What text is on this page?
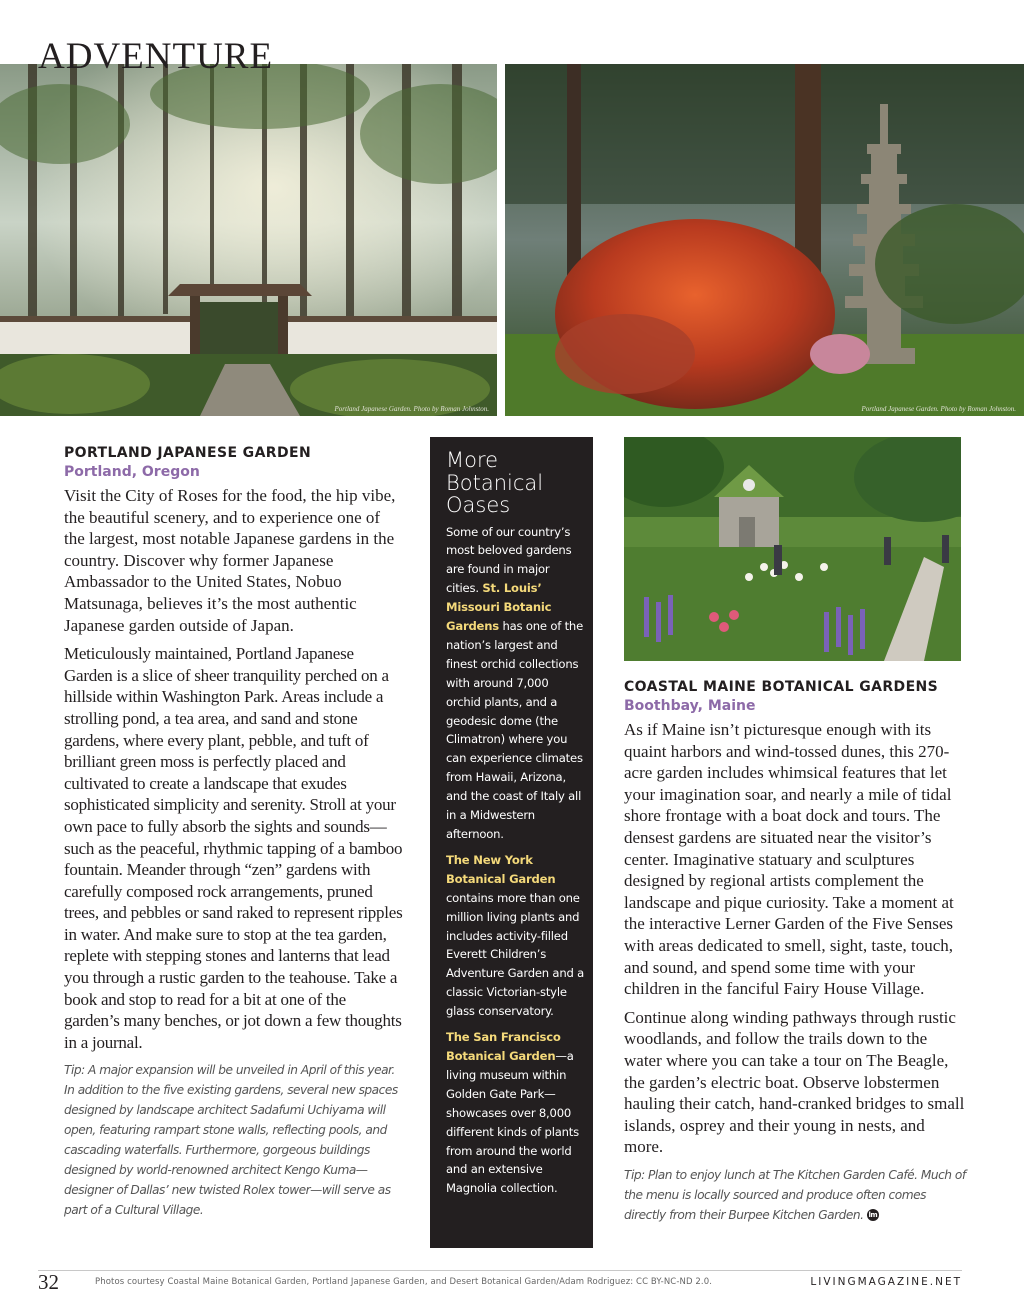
ADVENTURE
Portland Japanese Garden. Photo by Roman Johnston.	Portland Japanese Garden. Photo by Roman Johnston.
PORTLAND JAPANESE GARDEN
Portland, Oregon

Visit the City of Roses for the food, the hip vibe, the beautiful scenery, and to experience one of the largest, most notable Japanese gardens in the country. Discover why former Japanese Ambassador to the United States, Nobuo Matsunaga, believes it’s the most authentic Japanese garden outside of Japan.

Meticulously maintained, Portland Japanese Garden is a slice of sheer tranquility perched on a hillside within Washington Park. Areas include a strolling pond, a tea area, and sand and stone gardens, where every plant, pebble, and tuft of brilliant green moss is perfectly placed and cultivated to create a landscape that exudes sophisticated simplicity and serenity. Stroll at your own pace to fully absorb the sights and sounds—such as the peaceful, rhythmic tapping of a bamboo fountain. Meander through “zen” gardens with carefully composed rock arrangements, pruned trees, and pebbles or sand raked to represent ripples in water. And make sure to stop at the tea garden, replete with stepping stones and lanterns that lead you through a rustic garden to the teahouse. Take a book and stop to read for a bit at one of the garden’s many benches, or jot down a few thoughts in a journal.

Tip: A major expansion will be unveiled in April of this year. In addition to the five existing gardens, several new spaces designed by landscape architect Sadafumi Uchiyama will open, featuring rampart stone walls, reflecting pools, and cascading waterfalls. Furthermore, gorgeous buildings designed by world-renowned architect Kengo Kuma—designer of Dallas’ new twisted Rolex tower—will serve as part of a Cultural Village.
More
Botanical
Oases

Some of our country’s most beloved gardens are found in major cities. St. Louis’ Missouri Botanic Gardens has one of the nation’s largest and finest orchid collections with around 7,000 orchid plants, and a geodesic dome (the Climatron) where you can experience climates from Hawaii, Arizona, and the coast of Italy all in a Midwestern afternoon.

The New York Botanical Garden contains more than one million living plants and includes activity-filled Everett Children’s Adventure Garden and a classic Victorian-style glass conservatory.

The San Francisco Botanical Garden—a living museum within Golden Gate Park—showcases over 8,000 different kinds of plants from around the world and an extensive Magnolia collection.

COASTAL MAINE BOTANICAL GARDENS
Boothbay, Maine

As if Maine isn’t picturesque enough with its quaint harbors and wind-tossed dunes, this 270-acre garden includes whimsical features that let your imagination soar, and nearly a mile of tidal shore frontage with a boat dock and tours. The densest gardens are situated near the visitor’s center. Imaginative statuary and sculptures designed by regional artists complement the landscape and pique curiosity. Take a moment at the interactive Lerner Garden of the Five Senses with areas dedicated to smell, sight, taste, touch, and sound, and spend some time with your children in the fanciful Fairy House Village.

Continue along winding pathways through rustic woodlands, and follow the trails down to the water where you can take a tour on The Beagle, the garden’s electric boat. Observe lobstermen hauling their catch, hand-cranked bridges to small islands, osprey and their young in nests, and more.

Tip: Plan to enjoy lunch at The Kitchen Garden Café. Much of the menu is locally sourced and produce often comes directly from their Burpee Kitchen Garden. lm
32	Photos courtesy Coastal Maine Botanical Garden, Portland Japanese Garden, and Desert Botanical Garden/Adam Rodriguez: CC BY-NC-ND 2.0.	LIVINGMAGAZINE.NET
